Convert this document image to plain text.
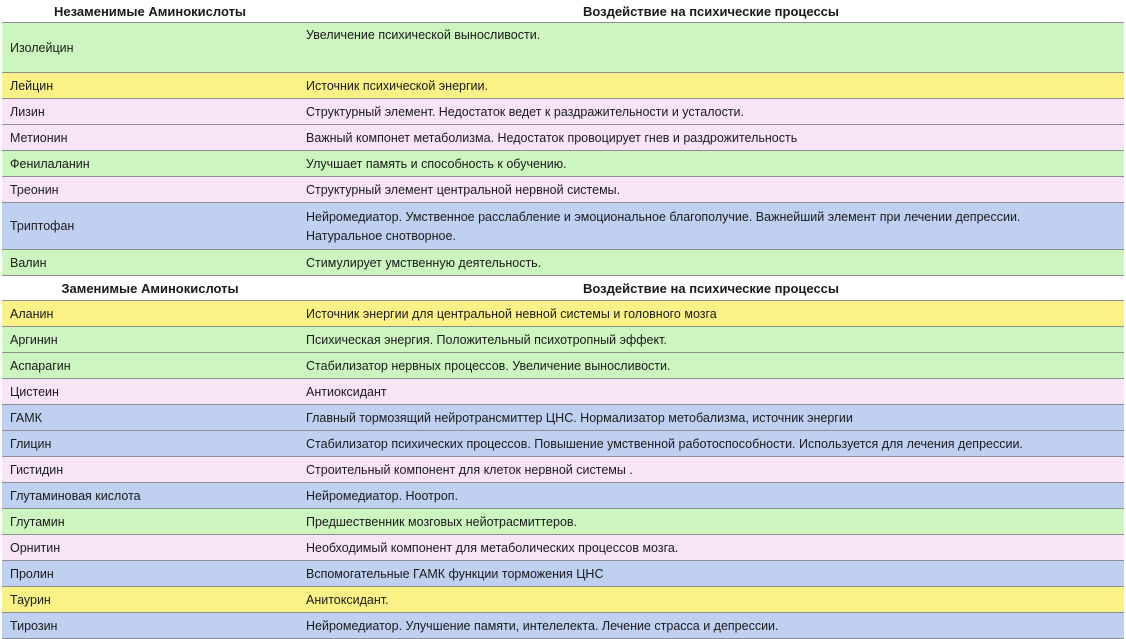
Незаменимые Аминокислоты	Воздействие на психические процессы
Изолейцин	Увеличение психической выносливости.
Лейцин	Источник психической энергии.
Лизин	Структурный элемент. Недостаток ведет к раздражительности и усталости.
Метионин	Важный компонет метаболизма. Недостаток провоцирует гнев и раздрожительность
Фенилаланин	Улучшает память и способность к обучению.
Треонин	Структурный элемент центральной нервной системы.
Триптофан	Нейромедиатор. Умственное расслабление и эмоциональное благополучие. Важнейший элемент при лечении депрессии.
Натуральное снотворное.

Валин	Стимулирует умственную деятельность.
Заменимые Аминокислоты	Воздействие на психические процессы
Аланин	Источник энергии для центральной невной системы и головного мозга
Аргинин	Психическая энергия. Положительный психотропный эффект.
Аспарагин	Стабилизатор нервных процессов. Увеличение выносливости.
Цистеин	Антиоксидант
ГАМК	Главный тормозящий нейротрансмиттер ЦНС. Нормализатор метобализма, источник энергии
Глицин	Стабилизатор психических процессов. Повышение умственной работоспособности. Используется для лечения депрессии.
Гистидин	Строительный компонент для клеток нервной системы .
Глутаминовая кислота	Нейромедиатор. Ноотроп.
Глутамин	Предшественник мозговых нейотрасмиттеров.
Орнитин	Необходимый компонент для метаболических процессов мозга.
Пролин	Вспомогательные ГАМК функции торможения ЦНС
Таурин	Анитоксидант.
Тирозин	Нейромедиатор. Улучшение памяти, интелелекта. Лечение страсса и депрессии.
